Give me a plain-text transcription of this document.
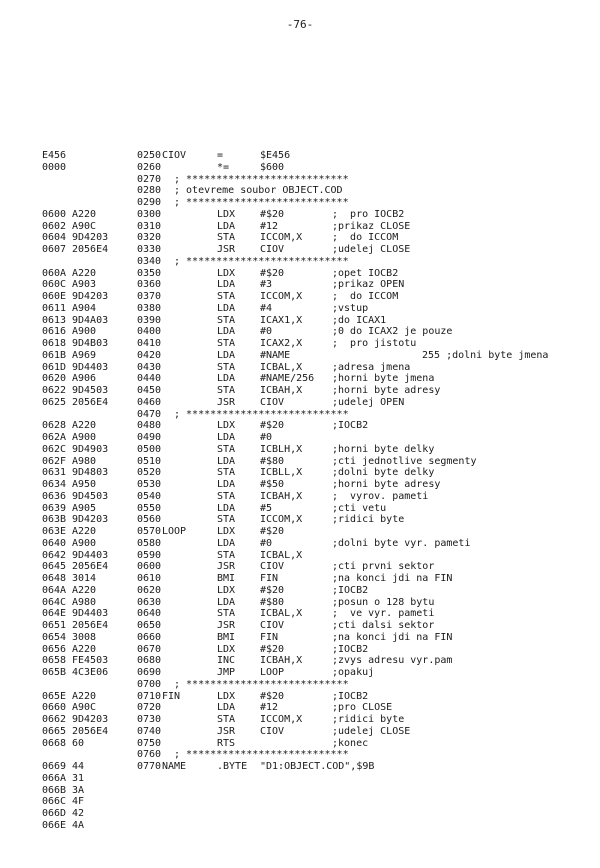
-76-
E456	0250 CIOV	=	$E456
0000	0260	*=	$600
0270 ; ***************************
0280 ; otevreme soubor OBJECT.COD
0290 ; ***************************
0600 A220	0300	LDX #$20	;  pro IOCB2
0602 A90C	0310	LDA #12	;prikaz CLOSE
0604 9D4203	0320	STA ICCOM,X	;  do ICCOM
0607 2056E4	0330	JSR CIOV	;udelej CLOSE
0340 ; ***************************
060A A220	0350	LDX #$20	;opet IOCB2
060C A903	0360	LDA #3	;prikaz OPEN
060E 9D4203	0370	STA ICCOM,X	;  do ICCOM
0611 A904	0380	LDA #4	;vstup
0613 9D4A03	0390	STA ICAX1,X	;do ICAX1
0616 A900	0400	LDA #0	;0 do ICAX2 je pouze
0618 9D4B03	0410	STA ICAX2,X	;  pro jistotu
061B A969	0420	LDA #NAME	255 ;dolni byte jmena
061D 9D4403	0430	STA ICBAL,X	;adresa jmena
0620 A906	0440	LDA #NAME/256 ;horni byte jmena
0622 9D4503	0450	STA ICBAH,X	;horni byte adresy
0625 2056E4	0460	JSR CIOV	;udelej OPEN
0470 ; ***************************
0628 A220	0480	LDX #$20	;IOCB2
062A A900	0490	LDA #0
062C 9D4903	0500	STA ICBLH,X	;horni byte delky
062F A980	0510	LDA #$80	;cti jednotlive segmenty
0631 9D4803	0520	STA ICBLL,X	;dolni byte delky
0634 A950	0530	LDA #$50	;horni byte adresy
0636 9D4503	0540	STA ICBAH,X	;  vyrov. pameti
0639 A905	0550	LDA #5	;cti vetu
063B 9D4203	0560	STA ICCOM,X	;ridici byte
063E A220	0570 LOOP	LDX #$20
0640 A900	0580	LDA #0	;dolni byte vyr. pameti
0642 9D4403	0590	STA ICBAL,X
0645 2056E4	0600	JSR CIOV	;cti prvni sektor
0648 3014	0610	BMI FIN	;na konci jdi na FIN
064A A220	0620	LDX #$20	;IOCB2
064C A980	0630	LDA #$80	;posun o 128 bytu
064E 9D4403	0640	STA ICBAL,X	;  ve vyr. pameti
0651 2056E4	0650	JSR CIOV	;cti dalsi sektor
0654 3008	0660	BMI FIN	;na konci jdi na FIN
0656 A220	0670	LDX #$20	;IOCB2
0658 FE4503	0680	INC ICBAH,X	;zvys adresu vyr.pam
065B 4C3E06	0690	JMP LOOP	;opakuj
0700 ; ***************************
065E A220	0710 FIN	LDX #$20	;IOCB2
0660 A90C	0720	LDA #12	;pro CLOSE
0662 9D4203	0730	STA ICCOM,X	;ridici byte
0665 2056E4	0740	JSR CIOV	;udelej CLOSE
0668 60	0750	RTS	;konec
0760 ; ***************************
0669 44	0770 NAME	.BYTE "D1:OBJECT.COD",$9B
066A 31
066B 3A
066C 4F
066D 42
066E 4A
